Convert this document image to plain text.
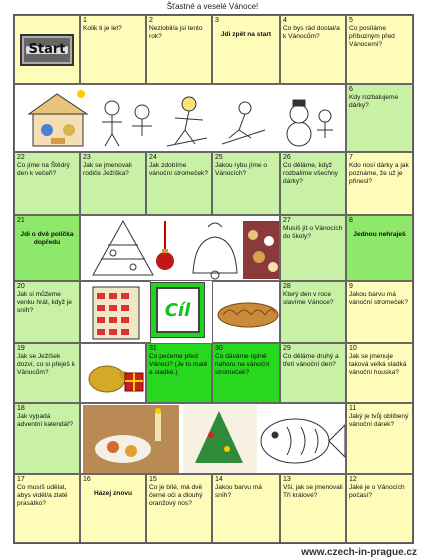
Šťastné a veselé Vánoce!
Start
1
Kolik ti je let?
2
Nezlobil/a jsi tento rok?
3
Jdi zpět na start
4
Co bys rád dostal/a k Vánocům?
5
Co posíláme příbuzným před Vánocemi?
6
Kdy rozbalujeme dárky?
22
Co jíme na Štědrý den k večeři?
23
Jak se jmenovali rodiče Ježíška?
24
Jak zdobíme vánoční stromeček?
25
Jakou rybu jíme o Vánocích?
26
Co děláme, když rozbalíme všechny dárky?
7
Kdo nosí dárky a jak poznáme, že už je přinesl?
21
Jdi o dvě políčka dopředu
20
Jak si můžeme venku hrát, když je sníh?
27
Musíš jít o Vánocích do školy?
8
Jednou nehraješ
28
Který den v roce slavíme Vánoce?
9
Jakou barvu má vánoční stromeček?
19
Jak se Ježíšek dozví, co si přeješ k Vánocům?
31
Co pečeme před Vánoci? (Je to malé a sladké.)
30
Co dáváme úplně nahoru na vánoční stromeček?
29
Co děláme druhý a třetí vánoční den?
10
Jak se jmenuje taková velká sladká vánoční houska?
18
Jak vypadá adventní kalendář?
11
Jaký je tvůj oblíbený vánoční dárek?
17
Co musíš udělat, abys viděl/a zlaté prasátko?
16
Házej znovu
15
Co je bílé, má dvě černé oči a dlouhý oranžový nos?
14
Jakou barvu má sníh?
13
Vši, jak se jmenovali Tři králové?
12
Jaké je o Vánocích počasí?
Cíl
www.czech-in-prague.cz
